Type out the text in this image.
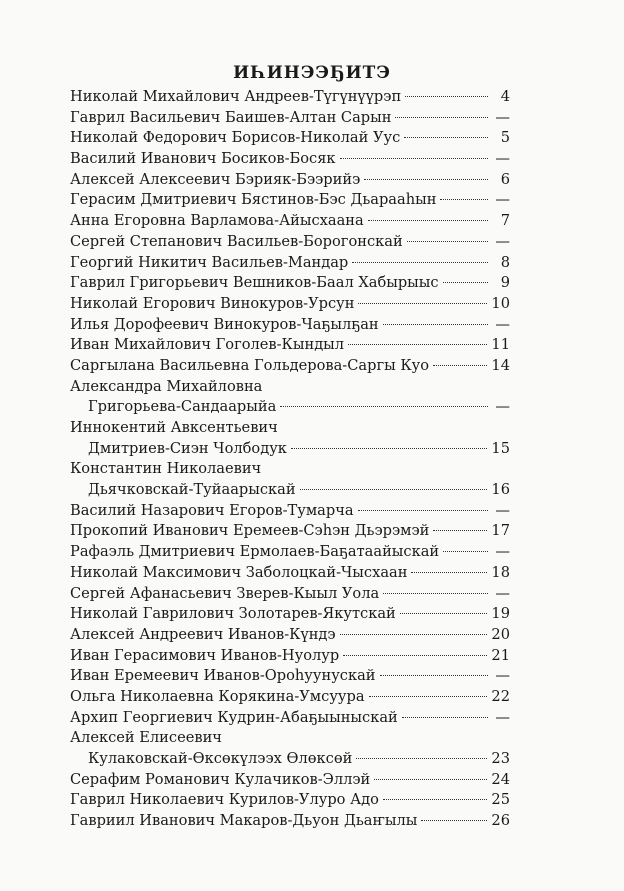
ИҺИНЭЭҔИТЭ
Николай Михайлович Андреев-Түгүнүүрэп	4
Гаврил Васильевич Баишев-Алтан Сарын	—
Николай Федорович Борисов-Николай Уус	5
Василий Иванович Босиков-Босяк	—
Алексей Алексеевич Бэрияк-Бээрийэ	6
Герасим Дмитриевич Бястинов-Бэс Дьарааһын	—
Анна Егоровна Варламова-Айысхаана	7
Сергей Степанович Васильев-Борогонскай	—
Георгий Никитич Васильев-Мандар	8
Гаврил Григорьевич Вешников-Баал Хабырыыс	9
Николай Егорович Винокуров-Урсун	10
Илья Дорофеевич Винокуров-Чаҕылҕан	—
Иван Михайлович Гоголев-Кындыл	11
Саргылана Васильевна Гольдерова-Саргы Куо	14
Александра Михайловна
Григорьева-Сандаарыйа	—
Иннокентий Авксентьевич
Дмитриев-Сиэн Чолбодук	15
Константин Николаевич
Дьячковскай-Туйаарыскай	16
Василий Назарович Егоров-Тумарча	—
Прокопий Иванович Еремеев-Сэһэн Дьэрэмэй	17
Рафаэль Дмитриевич Ермолаев-Баҕатаайыскай	—
Николай Максимович Заболоцкай-Чысхаан	18
Сергей Афанасьевич Зверев-Кыыл Уола	—
Николай Гаврилович Золотарев-Якутскай	19
Алексей Андреевич Иванов-Күндэ	20
Иван Герасимович Иванов-Нуолур	21
Иван Еремеевич Иванов-Ороһуунускай	—
Ольга Николаевна Корякина-Умсуура	22
Архип Георгиевич Кудрин-Абаҕыыныскай	—
Алексей Елисеевич
Кулаковскай-Өксөкүлээх Өлөксөй	23
Серафим Романович Кулачиков-Эллэй	24
Гаврил Николаевич Курилов-Улуро Адо	25
Гавриил Иванович Макаров-Дьуон Дьаҥылы	26
